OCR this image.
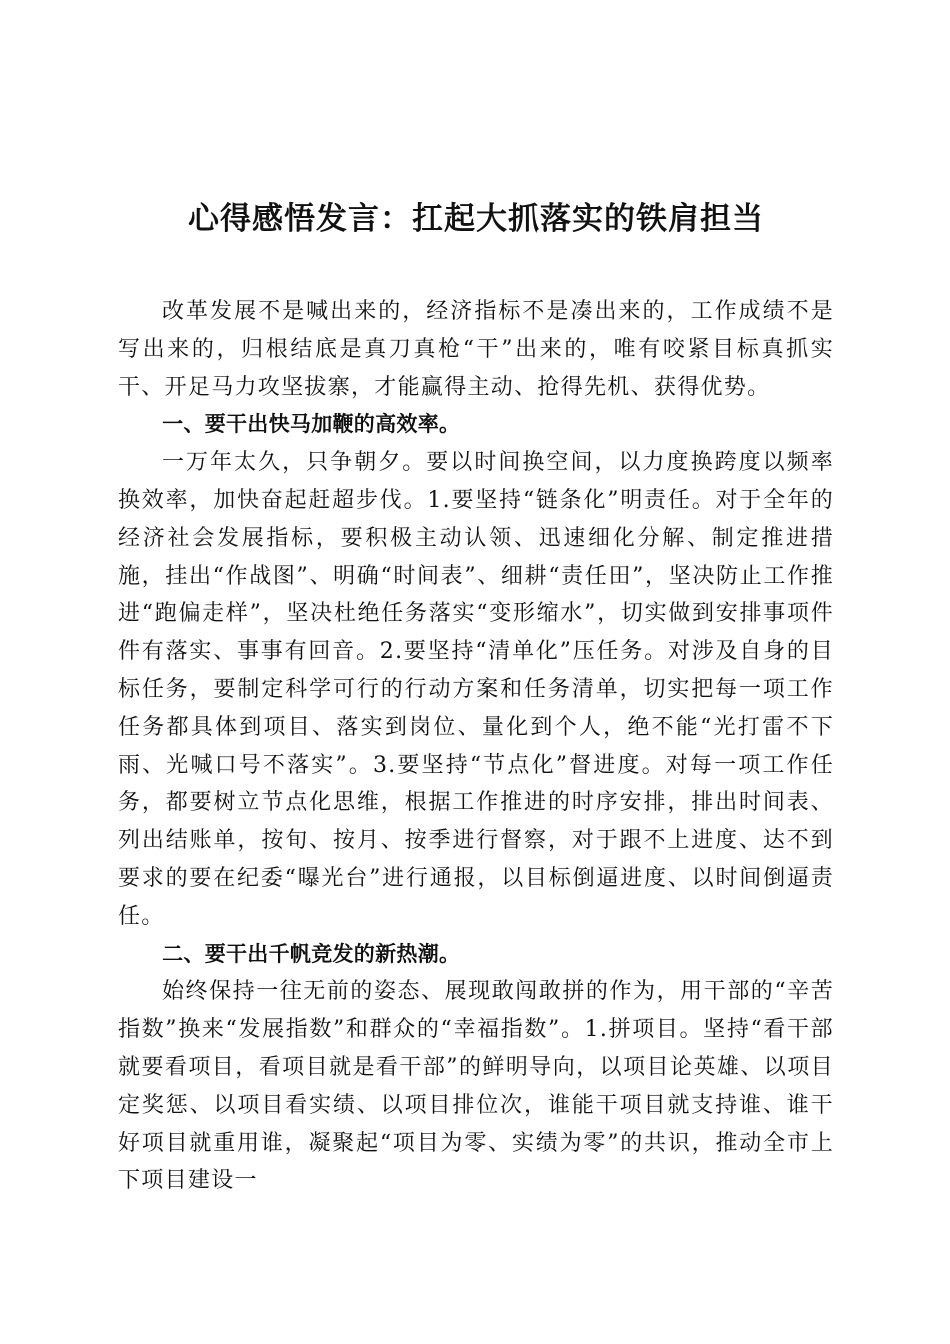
心得感悟发言：扛起大抓落实的铁肩担当

改革发展不是喊出来的，经济指标不是凑出来的，工作成绩不是写出来的，归根结底是真刀真枪“干”出来的，唯有咬紧目标真抓实干、开足马力攻坚拔寨，才能赢得主动、抢得先机、获得优势。

一、要干出快马加鞭的高效率。

一万年太久，只争朝夕。要以时间换空间，以力度换跨度以频率换效率，加快奋起赶超步伐。1.要坚持“链条化”明责任。对于全年的经济社会发展指标，要积极主动认领、迅速细化分解、制定推进措施，挂出“作战图”、明确“时间表”、细耕“责任田”，坚决防止工作推进“跑偏走样”，坚决杜绝任务落实“变形缩水”，切实做到安排事项件件有落实、事事有回音。2.要坚持“清单化”压任务。对涉及自身的目标任务，要制定科学可行的行动方案和任务清单，切实把每一项工作任务都具体到项目、落实到岗位、量化到个人，绝不能“光打雷不下雨、光喊口号不落实”。3.要坚持“节点化”督进度。对每一项工作任务，都要树立节点化思维，根据工作推进的时序安排，排出时间表、列出结账单，按旬、按月、按季进行督察，对于跟不上进度、达不到要求的要在纪委“曝光台”进行通报，以目标倒逼进度、以时间倒逼责任。

二、要干出千帆竞发的新热潮。

始终保持一往无前的姿态、展现敢闯敢拼的作为，用干部的“辛苦指数”换来“发展指数”和群众的“幸福指数”。1.拼项目。坚持“看干部就要看项目，看项目就是看干部”的鲜明导向，以项目论英雄、以项目定奖惩、以项目看实绩、以项目排位次，谁能干项目就支持谁、谁干好项目就重用谁，凝聚起“项目为零、实绩为零”的共识，推动全市上下项目建设一
